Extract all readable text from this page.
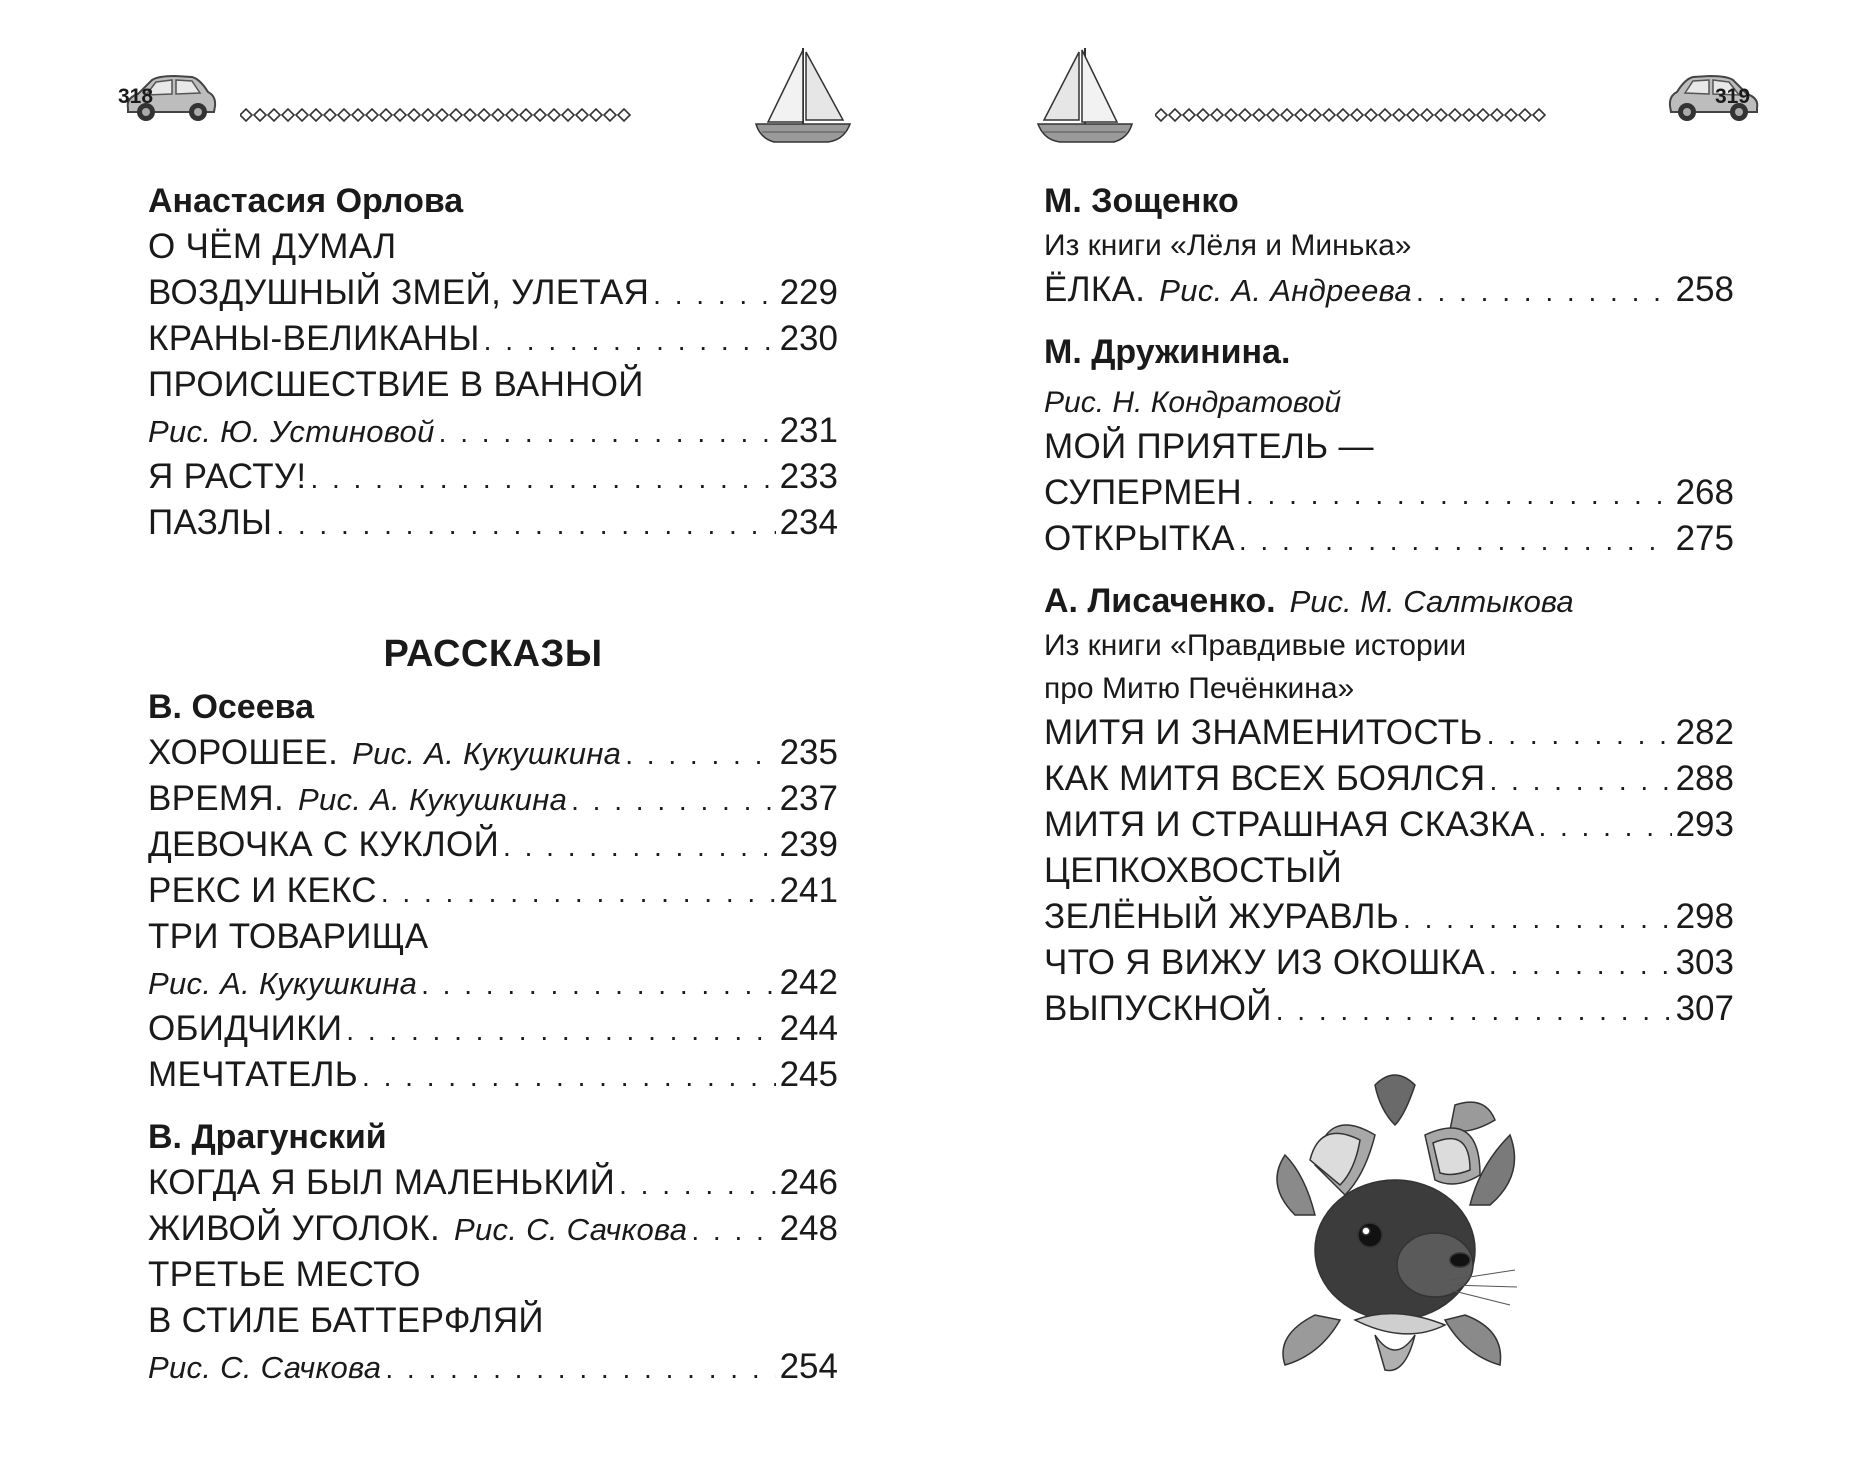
318
Анастасия Орлова
О ЧЁМ ДУМАЛ
ВОЗДУШНЫЙ ЗМЕЙ, УЛЕТАЯ . . .	229
КРАНЫ-ВЕЛИКАНЫ . . .	230
ПРОИСШЕСТВИЕ В ВАННОЙ
Рис. Ю. Устиновой . . .	231
Я РАСТУ! . . .	233
ПАЗЛЫ . . .	234
РАССКАЗЫ
В. Осеева
ХОРОШЕЕ. Рис. А. Кукушкина . . .	235
ВРЕМЯ. Рис. А. Кукушкина . . .	237
ДЕВОЧКА С КУКЛОЙ . . .	239
РЕКС И КЕКС . . .	241
ТРИ ТОВАРИЩА
Рис. А. Кукушкина . . .	242
ОБИДЧИКИ . . .	244
МЕЧТАТЕЛЬ . . .	245
В. Драгунский
КОГДА Я БЫЛ МАЛЕНЬКИЙ . . .	246
ЖИВОЙ УГОЛОК. Рис. С. Сачкова . . .	248
ТРЕТЬЕ МЕСТО
В СТИЛЕ БАТТЕРФЛЯЙ
Рис. С. Сачкова . . .	254
319
М. Зощенко
Из книги «Лёля и Минька»
ЁЛКА. Рис. А. Андреева . . .	258
М. Дружинина.
Рис. Н. Кондратовой
МОЙ ПРИЯТЕЛЬ —
СУПЕРМЕН . . .	268
ОТКРЫТКА . . .	275
А. Лисаченко. Рис. М. Салтыкова
Из книги «Правдивые истории
про Митю Печёнкина»
МИТЯ И ЗНАМЕНИТОСТЬ . . .	282
КАК МИТЯ ВСЕХ БОЯЛСЯ . . .	288
МИТЯ И СТРАШНАЯ СКАЗКА . . .	293
ЦЕПКОХВОСТЫЙ
ЗЕЛЁНЫЙ ЖУРАВЛЬ . . .	298
ЧТО Я ВИЖУ ИЗ ОКОШКА . . .	303
ВЫПУСКНОЙ . . .	307
